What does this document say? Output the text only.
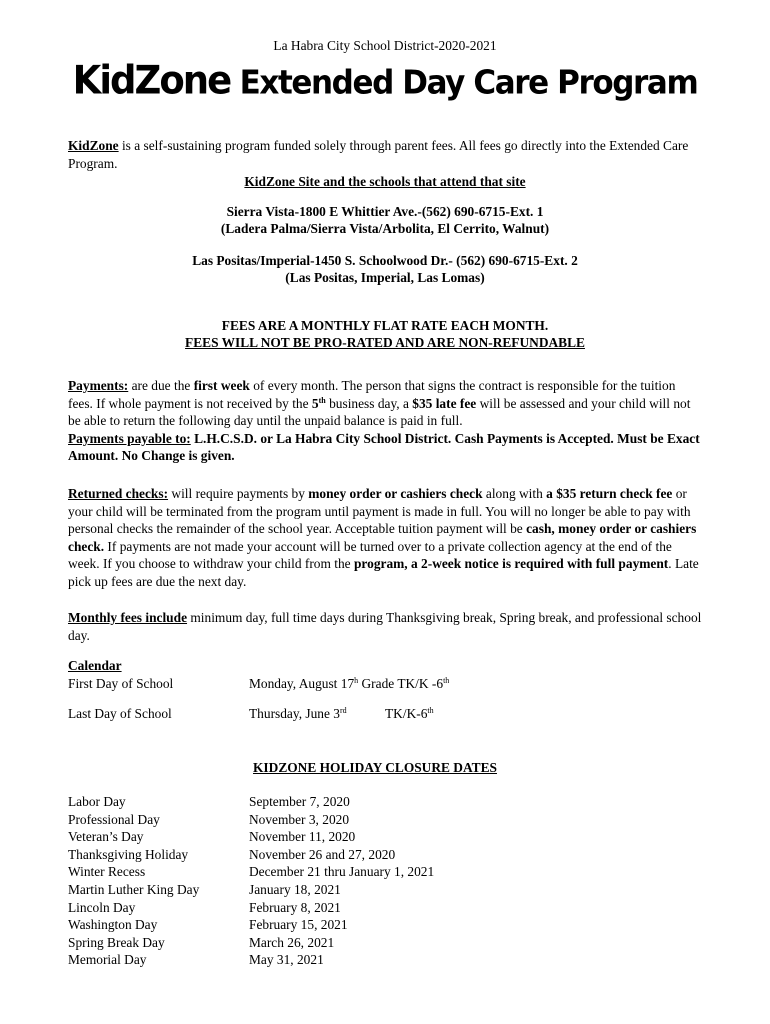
La Habra City School District-2020-2021
KidZone Extended Day Care Program
KidZone is a self-sustaining program funded solely through parent fees. All fees go directly into the Extended Care Program.
KidZone Site and the schools that attend that site
Sierra Vista-1800 E Whittier Ave.-(562) 690-6715-Ext. 1
(Ladera Palma/Sierra Vista/Arbolita, El Cerrito, Walnut)
Las Positas/Imperial-1450 S. Schoolwood Dr.- (562) 690-6715-Ext. 2
(Las Positas, Imperial, Las Lomas)
FEES ARE A MONTHLY FLAT RATE EACH MONTH.
FEES WILL NOT BE PRO-RATED AND ARE NON-REFUNDABLE
Payments: are due the first week of every month. The person that signs the contract is responsible for the tuition fees. If whole payment is not received by the 5th business day, a $35 late fee will be assessed and your child will not be able to return the following day until the unpaid balance is paid in full.
Payments payable to: L.H.C.S.D. or La Habra City School District. Cash Payments is Accepted. Must be Exact Amount. No Change is given.
Returned checks: will require payments by money order or cashiers check along with a $35 return check fee or your child will be terminated from the program until payment is made in full. You will no longer be able to pay with personal checks the remainder of the school year. Acceptable tuition payment will be cash, money order or cashiers check. If payments are not made your account will be turned over to a private collection agency at the end of the week. If you choose to withdraw your child from the program, a 2-week notice is required with full payment. Late pick up fees are due the next day.
Monthly fees include minimum day, full time days during Thanksgiving break, Spring break, and professional school day.
Calendar
First Day of School	Monday, August 17$^h$ Grade TK/K -6th
Last Day of School	Thursday, June 3rd	TK/K-6th
KIDZONE HOLIDAY CLOSURE DATES
Labor Day	September 7, 2020
Professional Day	November 3, 2020
Veteran’s Day	November 11, 2020
Thanksgiving Holiday	November 26 and 27, 2020
Winter Recess	December 21 thru January 1, 2021
Martin Luther King Day	January 18, 2021
Lincoln Day	February 8, 2021
Washington Day	February 15, 2021
Spring Break Day	March 26, 2021
Memorial Day	May 31, 2021
